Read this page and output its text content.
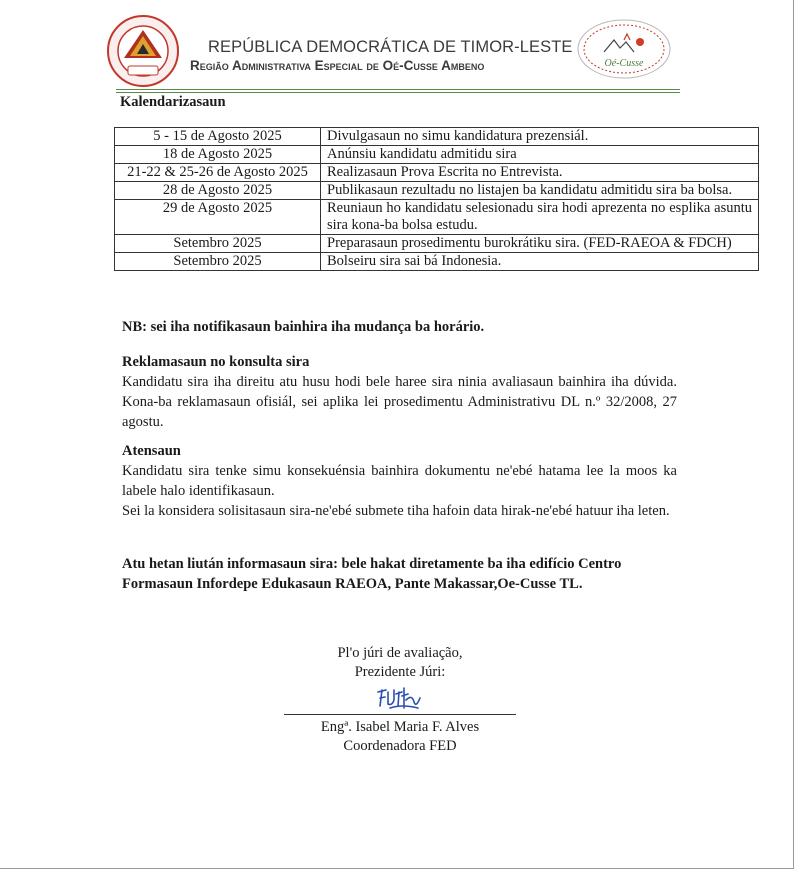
Oé-Cusse
REPÚBLICA DEMOCRÁTICA DE TIMOR-LESTE
Região Administrativa Especial de Oé-Cusse Ambeno
Kalendarizasaun
5 - 15 de Agosto 2025	Divulgasaun no simu kandidatura prezensiál.
18 de Agosto 2025	Anúnsiu kandidatu admitidu sira
21-22 & 25-26 de Agosto 2025	Realizasaun Prova Escrita no Entrevista.
28 de Agosto 2025	Publikasaun rezultadu no listajen ba kandidatu admitidu sira ba bolsa.
29 de Agosto 2025	Reuniaun ho kandidatu selesionadu sira hodi aprezenta no esplika asuntu sira kona-ba bolsa estudu.
Setembro 2025	Preparasaun prosedimentu burokrátiku sira. (FED-RAEOA & FDCH)
Setembro 2025	Bolseiru sira sai bá Indonesia.
NB: sei iha notifikasaun bainhira iha mudança ba horário.
Reklamasaun no konsulta sira
Kandidatu sira iha direitu atu husu hodi bele haree sira ninia avaliasaun bainhira iha dúvida. Kona-ba reklamasaun ofisiál, sei aplika lei prosedimentu Administrativu DL n.º 32/2008, 27 agostu.
Atensaun
Kandidatu sira tenke simu konsekuénsia bainhira dokumentu ne'ebé hatama lee la moos ka labele halo identifikasaun.
Sei la konsidera solisitasaun sira-ne'ebé submete tiha hafoin data hirak-ne'ebé hatuur iha leten.
Atu hetan liután informasaun sira: bele hakat diretamente ba iha edifício Centro Formasaun Infordepe Edukasaun RAEOA, Pante Makassar,Oe-Cusse TL.
Pl'o júri de avaliação,
Prezidente Júri:
Engª. Isabel Maria F. Alves
Coordenadora FED
